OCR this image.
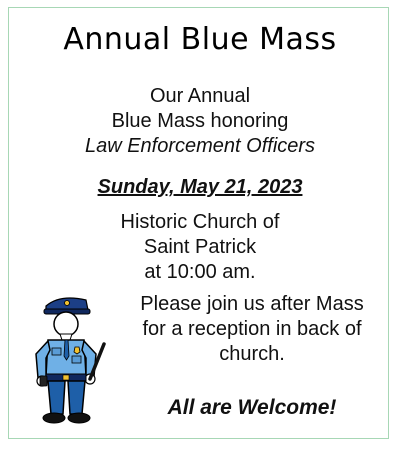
Annual Blue Mass
Our Annual
Blue Mass honoring
Law Enforcement Officers
Sunday, May 21, 2023
Historic Church of
Saint Patrick
at 10:00 am.
Please join us after Mass
for a reception in back of
church.
All are Welcome!
